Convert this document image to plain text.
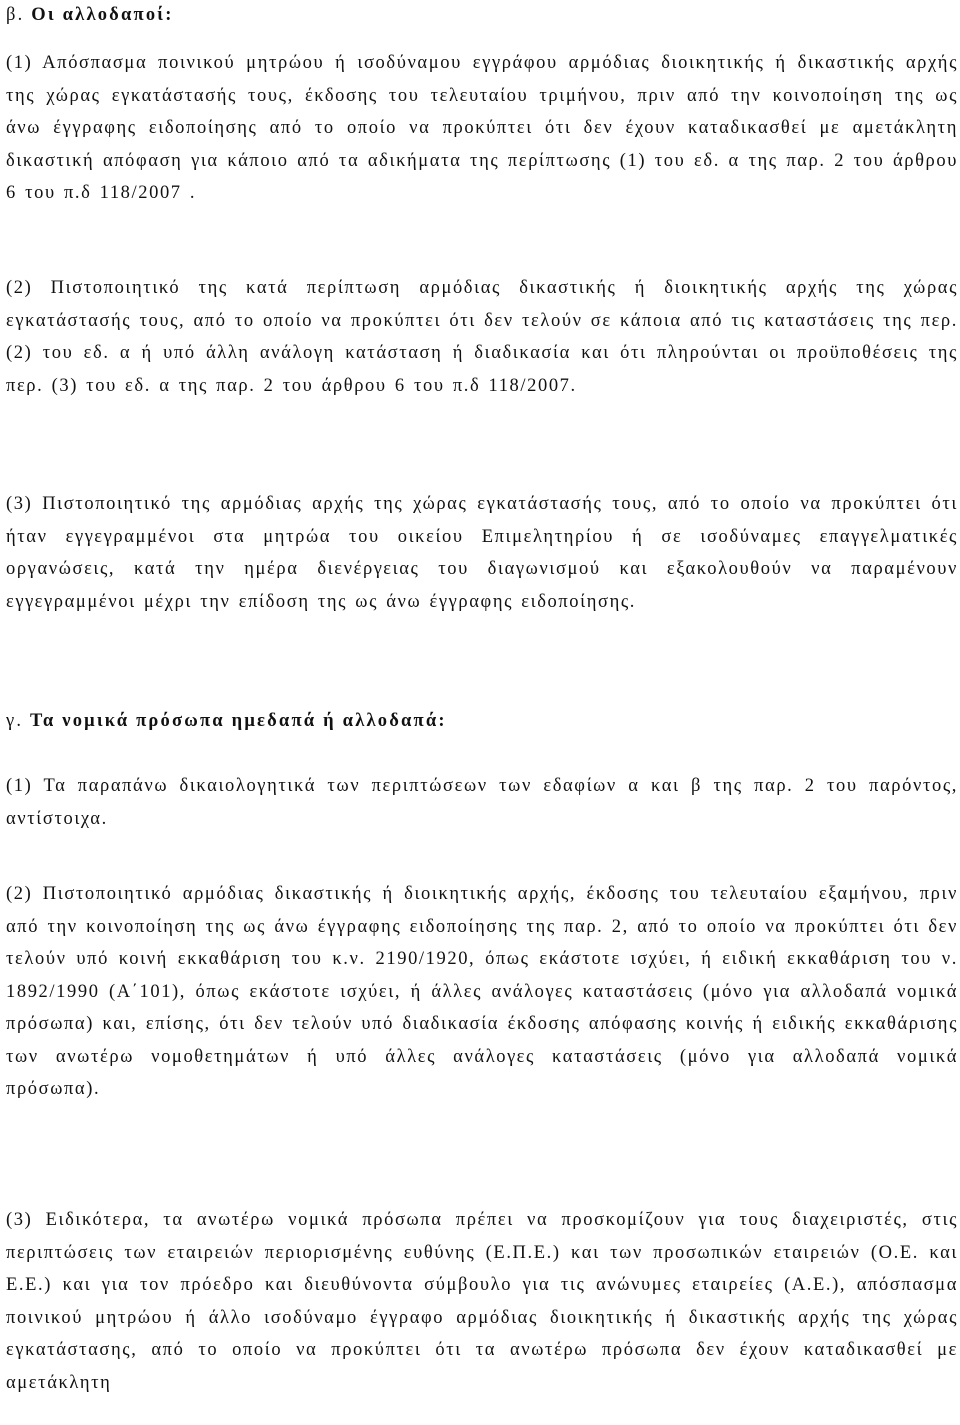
β. Οι αλλοδαποί:

(1) Απόσπασμα ποινικού μητρώου ή ισοδύναμου εγγράφου αρμόδιας διοικητικής ή δικαστικής αρχής της χώρας εγκατάστασής τους, έκδοσης του τελευταίου τριμήνου, πριν από την κοινοποίηση της ως άνω έγγραφης ειδοποίησης από το οποίο να προκύπτει ότι δεν έχουν καταδικασθεί με αμετάκλητη δικαστική απόφαση για κάποιο από τα αδικήματα της περίπτωσης (1) του εδ. α της παρ. 2 του άρθρου 6 του π.δ 118/2007 .

(2) Πιστοποιητικό της κατά περίπτωση αρμόδιας δικαστικής ή διοικητικής αρχής της χώρας εγκατάστασής τους, από το οποίο να προκύπτει ότι δεν τελούν σε κάποια από τις καταστάσεις της περ. (2) του εδ. α ή υπό άλλη ανάλογη κατάσταση ή διαδικασία και ότι πληρούνται οι προϋποθέσεις της περ. (3) του εδ. α της παρ. 2 του άρθρου 6 του π.δ 118/2007.

(3) Πιστοποιητικό της αρμόδιας αρχής της χώρας εγκατάστασής τους, από το οποίο να προκύπτει ότι ήταν εγγεγραμμένοι στα μητρώα του οικείου Επιμελητηρίου ή σε ισοδύναμες επαγγελματικές οργανώσεις, κατά την ημέρα διενέργειας του διαγωνισμού και εξακολουθούν να παραμένουν εγγεγραμμένοι μέχρι την επίδοση της ως άνω έγγραφης ειδοποίησης.

γ. Τα νομικά πρόσωπα ημεδαπά ή αλλοδαπά:

(1) Τα παραπάνω δικαιολογητικά των περιπτώσεων των εδαφίων α και β της παρ. 2 του παρόντος, αντίστοιχα.

(2) Πιστοποιητικό αρμόδιας δικαστικής ή διοικητικής αρχής, έκδοσης του τελευταίου εξαμήνου, πριν από την κοινοποίηση της ως άνω έγγραφης ειδοποίησης της παρ. 2, από το οποίο να προκύπτει ότι δεν τελούν υπό κοινή εκκαθάριση του κ.ν. 2190/1920, όπως εκάστοτε ισχύει, ή ειδική εκκαθάριση του ν. 1892/1990 (Α΄101), όπως εκάστοτε ισχύει, ή άλλες ανάλογες καταστάσεις (μόνο για αλλοδαπά νομικά πρόσωπα) και, επίσης, ότι δεν τελούν υπό διαδικασία έκδοσης απόφασης κοινής ή ειδικής εκκαθάρισης των ανωτέρω νομοθετημάτων ή υπό άλλες ανάλογες καταστάσεις (μόνο για αλλοδαπά νομικά πρόσωπα).

(3) Ειδικότερα, τα ανωτέρω νομικά πρόσωπα πρέπει να προσκομίζουν για τους διαχειριστές, στις περιπτώσεις των εταιρειών περιορισμένης ευθύνης (Ε.Π.Ε.) και των προσωπικών εταιρειών (Ο.Ε. και Ε.Ε.) και για τον πρόεδρο και διευθύνοντα σύμβουλο για τις ανώνυμες εταιρείες (Α.Ε.), απόσπασμα ποινικού μητρώου ή άλλο ισοδύναμο έγγραφο αρμόδιας διοικητικής ή δικαστικής αρχής της χώρας εγκατάστασης, από το οποίο να προκύπτει ότι τα ανωτέρω πρόσωπα δεν έχουν καταδικασθεί με αμετάκλητη
